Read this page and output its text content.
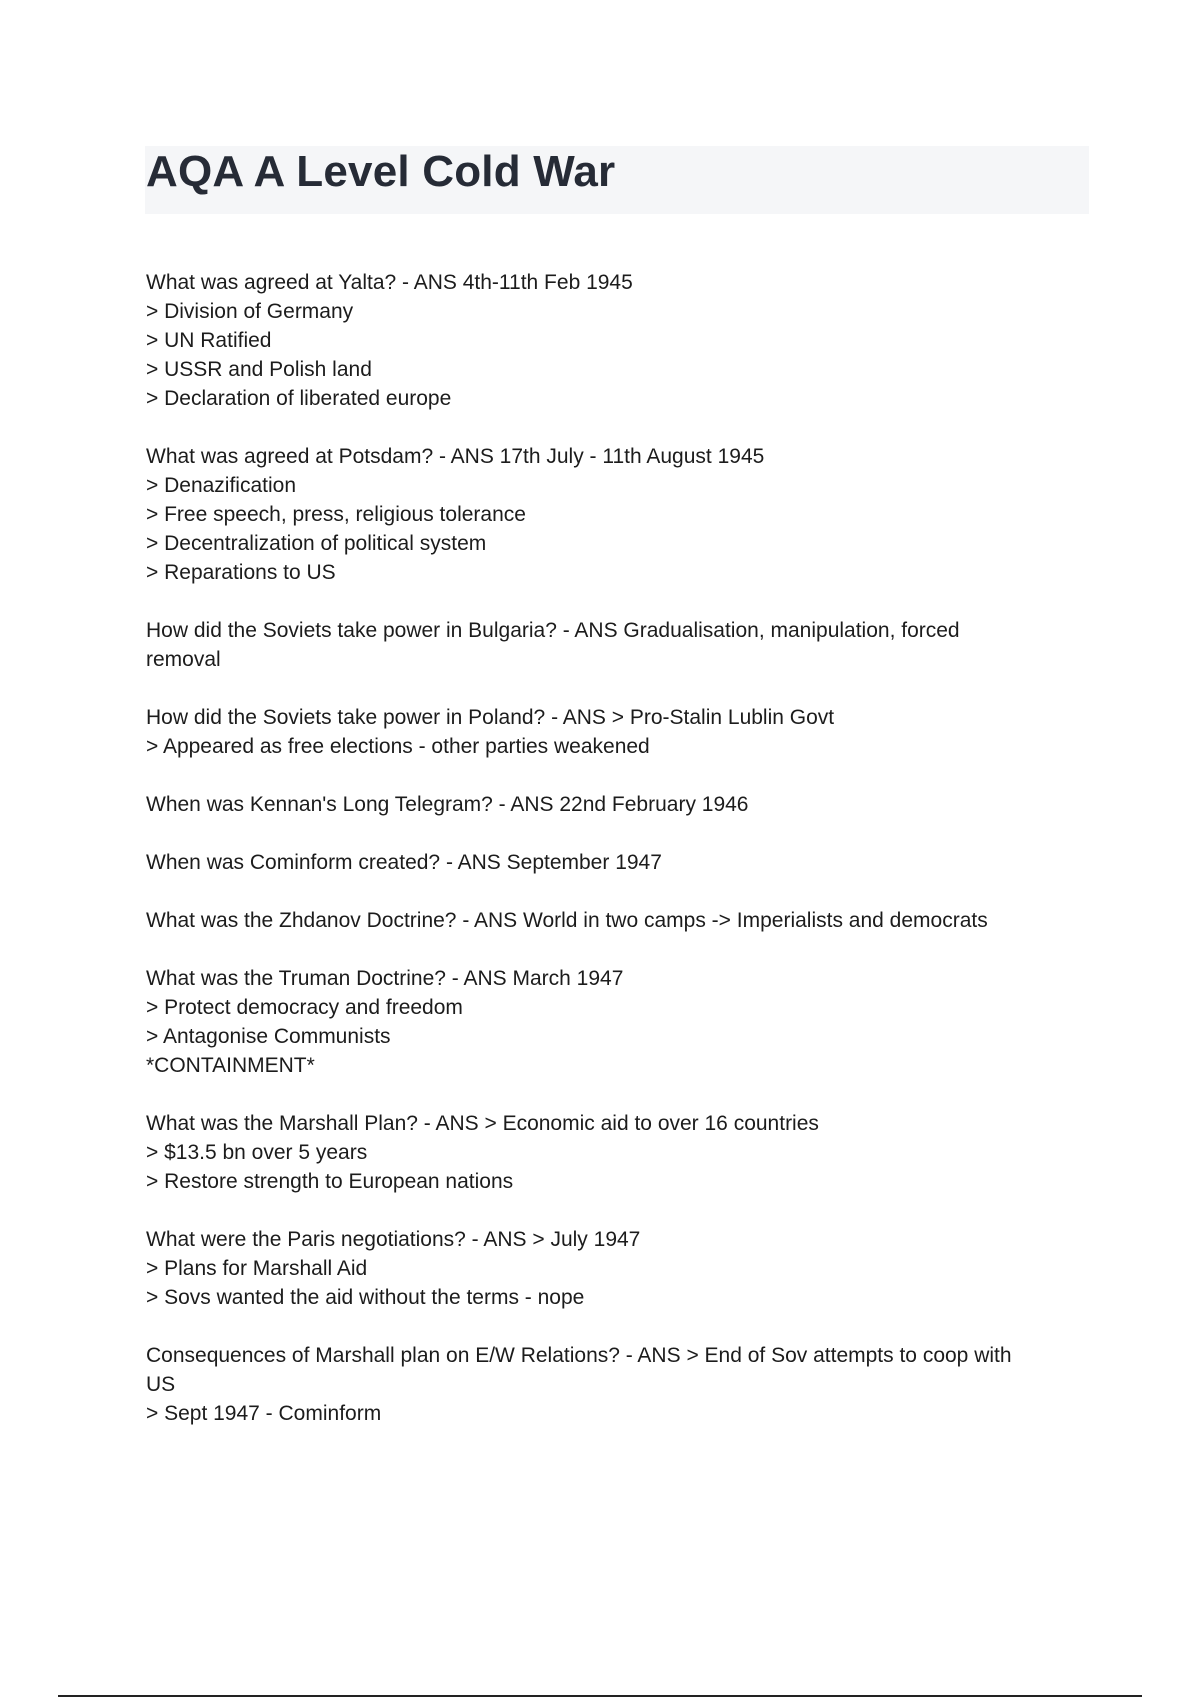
AQA A Level Cold War

What was agreed at Yalta? - ANS 4th-11th Feb 1945
> Division of Germany
> UN Ratified
> USSR and Polish land
> Declaration of liberated europe

What was agreed at Potsdam? - ANS 17th July - 11th August 1945
> Denazification
> Free speech, press, religious tolerance
> Decentralization of political system
> Reparations to US

How did the Soviets take power in Bulgaria? - ANS Gradualisation, manipulation, forced
removal

How did the Soviets take power in Poland? - ANS > Pro-Stalin Lublin Govt
> Appeared as free elections - other parties weakened

When was Kennan's Long Telegram? - ANS 22nd February 1946

When was Cominform created? - ANS September 1947

What was the Zhdanov Doctrine? - ANS World in two camps -> Imperialists and democrats

What was the Truman Doctrine? - ANS March 1947
> Protect democracy and freedom
> Antagonise Communists
*CONTAINMENT*

What was the Marshall Plan? - ANS > Economic aid to over 16 countries
> $13.5 bn over 5 years
> Restore strength to European nations

What were the Paris negotiations? - ANS > July 1947
> Plans for Marshall Aid
> Sovs wanted the aid without the terms - nope

Consequences of Marshall plan on E/W Relations? - ANS > End of Sov attempts to coop with
US
> Sept 1947 - Cominform
